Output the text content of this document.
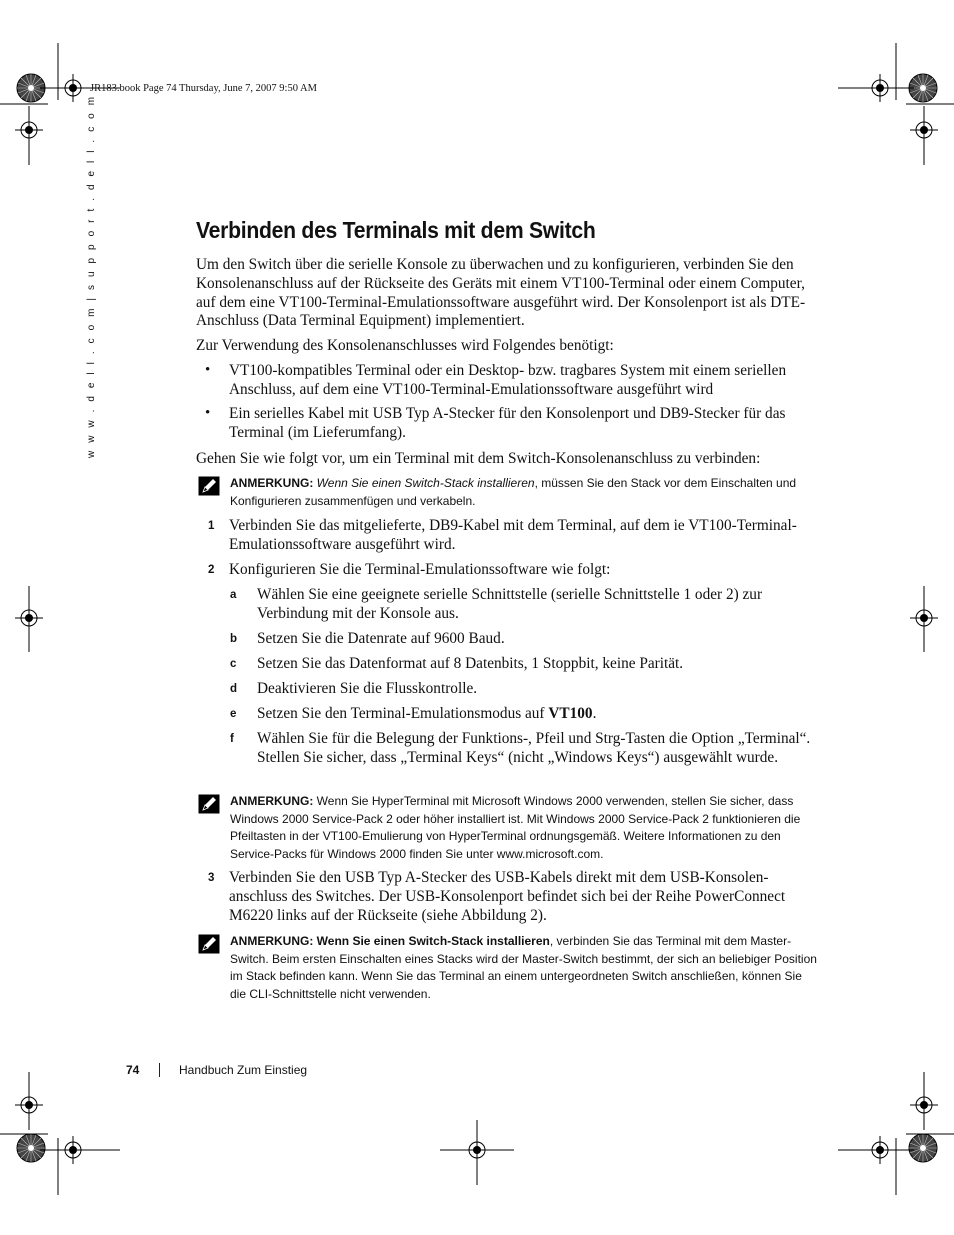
JR183.book Page 74 Thursday, June 7, 2007 9:50 AM
w w w . d e l l . c o m | s u p p o r t . d e l l . c o m	Verbinden des Terminals mit dem Switch
Um den Switch über die serielle Konsole zu überwachen und zu konfigurieren, verbinden Sie den Konsolenanschluss auf der Rückseite des Geräts mit einem VT100-Terminal oder einem Computer, auf dem eine VT100-Terminal-Emulationssoftware ausgeführt wird. Der Konsolenport ist als DTE-Anschluss (Data Terminal Equipment) implementiert.
Zur Verwendung des Konsolenanschlusses wird Folgendes benötigt:
• VT100-kompatibles Terminal oder ein Desktop- bzw. tragbares System mit einem seriellen Anschluss, auf dem eine VT100-Terminal-Emulationssoftware ausgeführt wird
• Ein serielles Kabel mit USB Typ A-Stecker für den Konsolenport und DB9-Stecker für das Terminal (im Lieferumfang).
Gehen Sie wie folgt vor, um ein Terminal mit dem Switch-Konsolenanschluss zu verbinden:
ANMERKUNG: Wenn Sie einen Switch-Stack installieren, müssen Sie den Stack vor dem Einschalten und Konfigurieren zusammenfügen und verkabeln.
1 Verbinden Sie das mitgelieferte, DB9-Kabel mit dem Terminal, auf dem ie VT100-Terminal-Emulationssoftware ausgeführt wird.
2 Konfigurieren Sie die Terminal-Emulationssoftware wie folgt:
a Wählen Sie eine geeignete serielle Schnittstelle (serielle Schnittstelle 1 oder 2) zur Verbindung mit der Konsole aus.
b Setzen Sie die Datenrate auf 9600 Baud.
c Setzen Sie das Datenformat auf 8 Datenbits, 1 Stoppbit, keine Parität.
d Deaktivieren Sie die Flusskontrolle.
e Setzen Sie den Terminal-Emulationsmodus auf VT100.
f Wählen Sie für die Belegung der Funktions-, Pfeil und Strg-Tasten die Option „Terminal“. Stellen Sie sicher, dass „Terminal Keys“ (nicht „Windows Keys“) ausgewählt wurde.
ANMERKUNG: Wenn Sie HyperTerminal mit Microsoft Windows 2000 verwenden, stellen Sie sicher, dass Windows 2000 Service-Pack 2 oder höher installiert ist. Mit Windows 2000 Service-Pack 2 funktionieren die Pfeiltasten in der VT100-Emulierung von HyperTerminal ordnungsgemäß. Weitere Informationen zu den Service-Packs für Windows 2000 finden Sie unter www.microsoft.com.
3 Verbinden Sie den USB Typ A-Stecker des USB-Kabels direkt mit dem USB-Konsolen-anschluss des Switches. Der USB-Konsolenport befindet sich bei der Reihe PowerConnect M6220 links auf der Rückseite (siehe Abbildung 2).
ANMERKUNG: Wenn Sie einen Switch-Stack installieren, verbinden Sie das Terminal mit dem Master-Switch. Beim ersten Einschalten eines Stacks wird der Master-Switch bestimmt, der sich an beliebiger Position im Stack befinden kann. Wenn Sie das Terminal an einem untergeordneten Switch anschließen, können Sie die CLI-Schnittstelle nicht verwenden.
74	Handbuch Zum Einstieg
